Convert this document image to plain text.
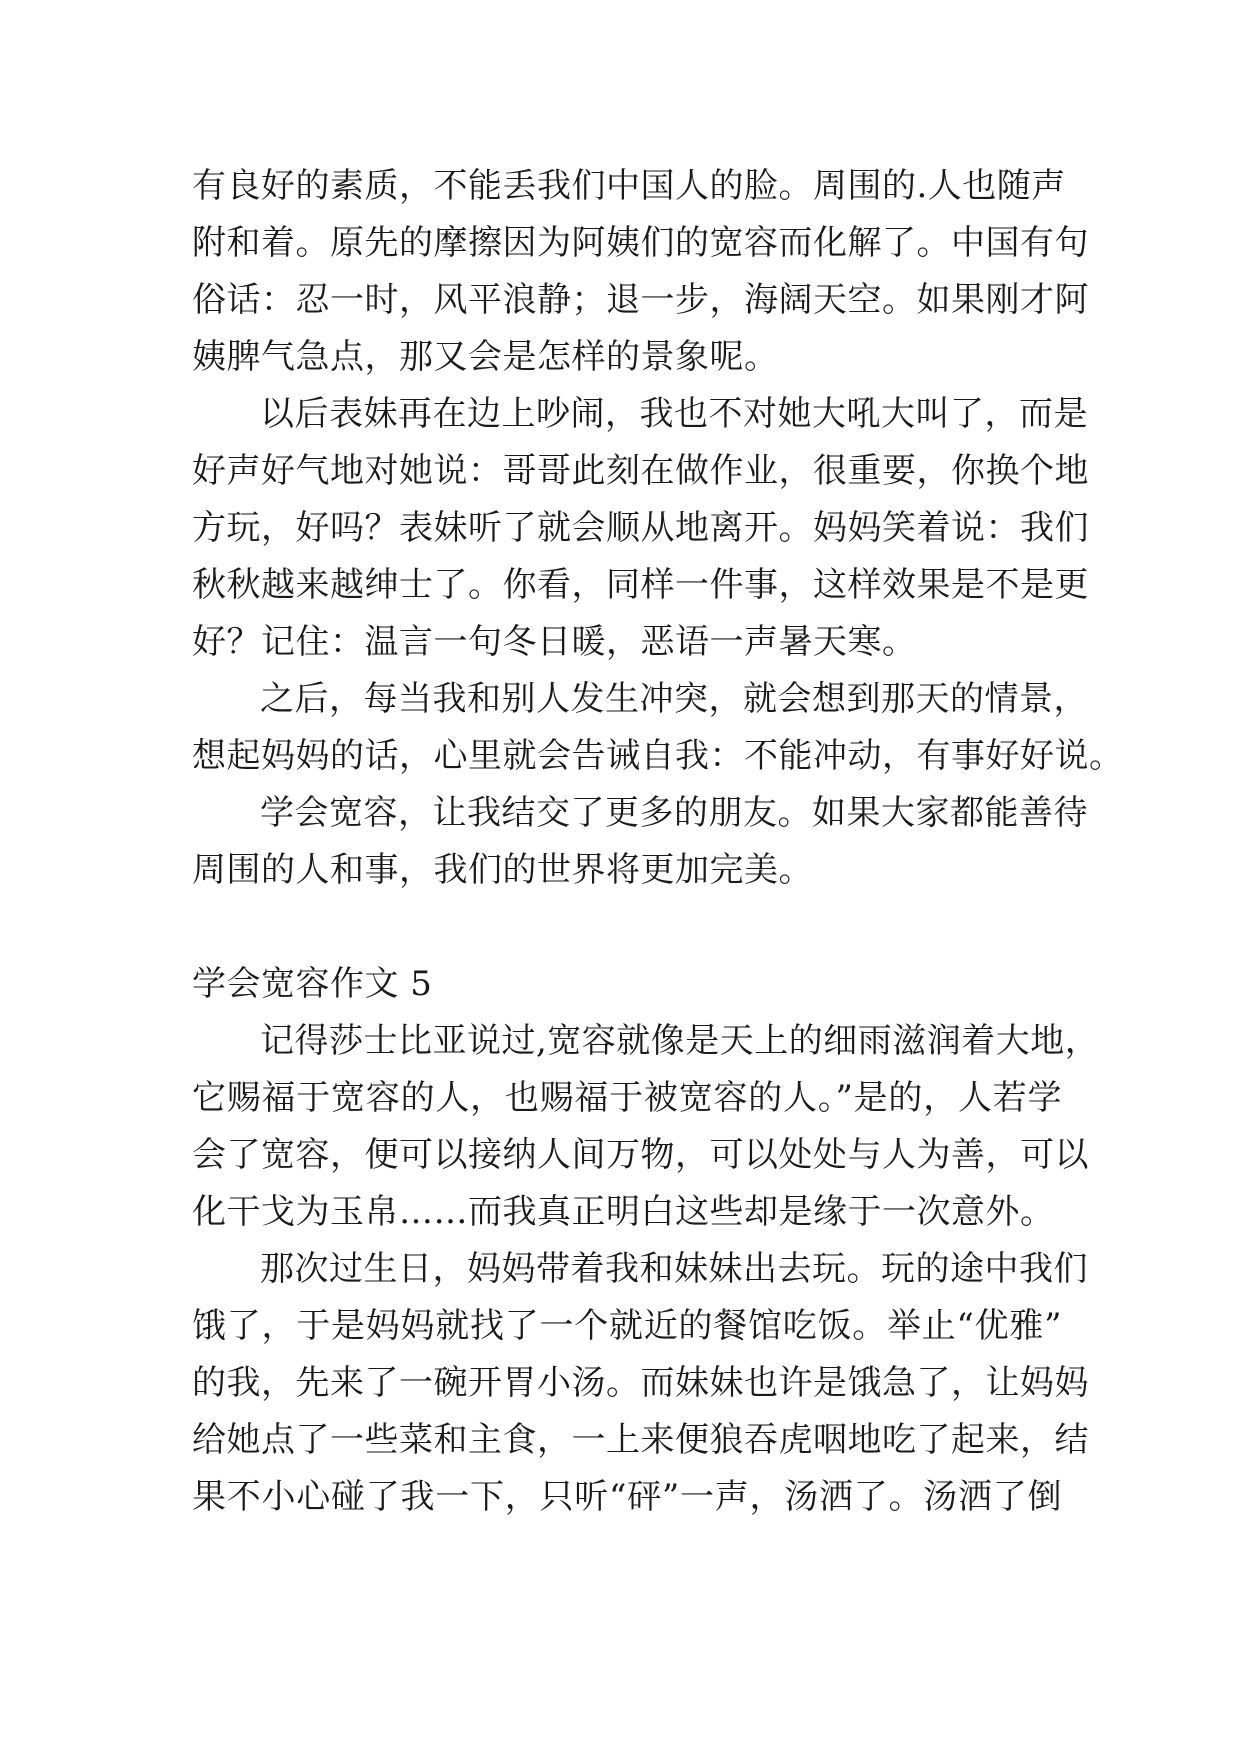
有良好的素质，不能丢我们中国人的脸。周围的.人也随声
附和着。原先的摩擦因为阿姨们的宽容而化解了。中国有句
俗话：忍一时，风平浪静；退一步，海阔天空。如果刚才阿
姨脾气急点，那又会是怎样的景象呢。
以后表妹再在边上吵闹，我也不对她大吼大叫了，而是
好声好气地对她说：哥哥此刻在做作业，很重要，你换个地
方玩，好吗？表妹听了就会顺从地离开。妈妈笑着说：我们
秋秋越来越绅士了。你看，同样一件事，这样效果是不是更
好？记住：温言一句冬日暖，恶语一声暑天寒。
之后，每当我和别人发生冲突，就会想到那天的情景，
想起妈妈的话，心里就会告诫自我：不能冲动，有事好好说。
学会宽容，让我结交了更多的朋友。如果大家都能善待
周围的人和事，我们的世界将更加完美。
学会宽容作文 5
记得莎士比亚说过,宽容就像是天上的细雨滋润着大地，
它赐福于宽容的人，也赐福于被宽容的人。”是的，人若学
会了宽容，便可以接纳人间万物，可以处处与人为善，可以
化干戈为玉帛……而我真正明白这些却是缘于一次意外。
那次过生日，妈妈带着我和妹妹出去玩。玩的途中我们
饿了，于是妈妈就找了一个就近的餐馆吃饭。举止“优雅”
的我，先来了一碗开胃小汤。而妹妹也许是饿急了，让妈妈
给她点了一些菜和主食，一上来便狼吞虎咽地吃了起来，结
果不小心碰了我一下，只听“砰”一声，汤洒了。汤洒了倒
